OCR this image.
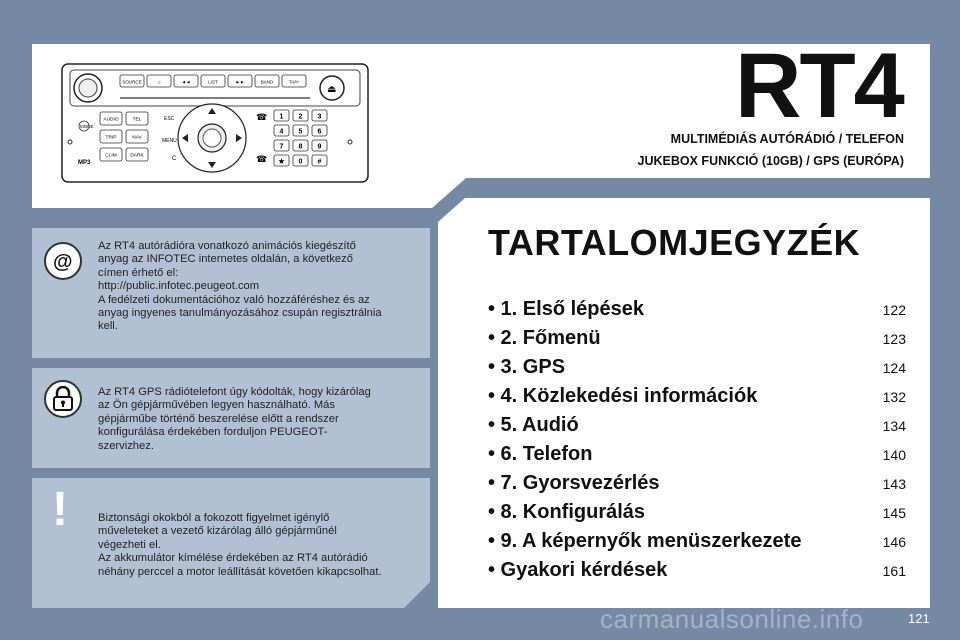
⏏
SOURCE	♫	◄◄	LIST	►►	BAND	TA/i+
AUDIO	TEL
TRIP	NAV
CLIM	DARK
MODE
ESC
MENU
C
☎
☎
1 2 3
4 5 6
7 8 9
★ 0 #
MP3
RT4
MULTIMÉDIÁS AUTÓRÁDIÓ / TELEFON
JUKEBOX FUNKCIÓ (10GB) / GPS (EURÓPA)
@
Az RT4 autórádióra vonatkozó animációs kiegészítő
anyag az INFOTEC internetes oldalán, a következő
címen érhető el:
http://public.infotec.peugeot.com
A fedélzeti dokumentációhoz való hozzáféréshez és az
anyag ingyenes tanulmányozásához csupán regisztrálnia
kell.
Az RT4 GPS rádiótelefont úgy kódolták, hogy kizárólag
az Ön gépjárművében legyen használható. Más
gépjárműbe történő beszerelése előtt a rendszer
konfigurálása érdekében forduljon PEUGEOT-
szervizhez.
!	Biztonsági okokból a fokozott figyelmet igénylő
műveleteket a vezető kizárólag álló gépjárműnél
végezheti el.
Az akkumulátor kímélése érdekében az RT4 autórádió
néhány perccel a motor leállítását követően kikapcsolhat.
TARTALOMJEGYZÉK
• 1. Első lépések	122
• 2. Főmenü	123
• 3. GPS	124
• 4. Közlekedési információk	132
• 5. Audió	134
• 6. Telefon	140
• 7. Gyorsvezérlés	143
• 8. Konfigurálás	145
• 9. A képernyők menüszerkezete	146
• Gyakori kérdések	161
121
carmanualsonline.info
